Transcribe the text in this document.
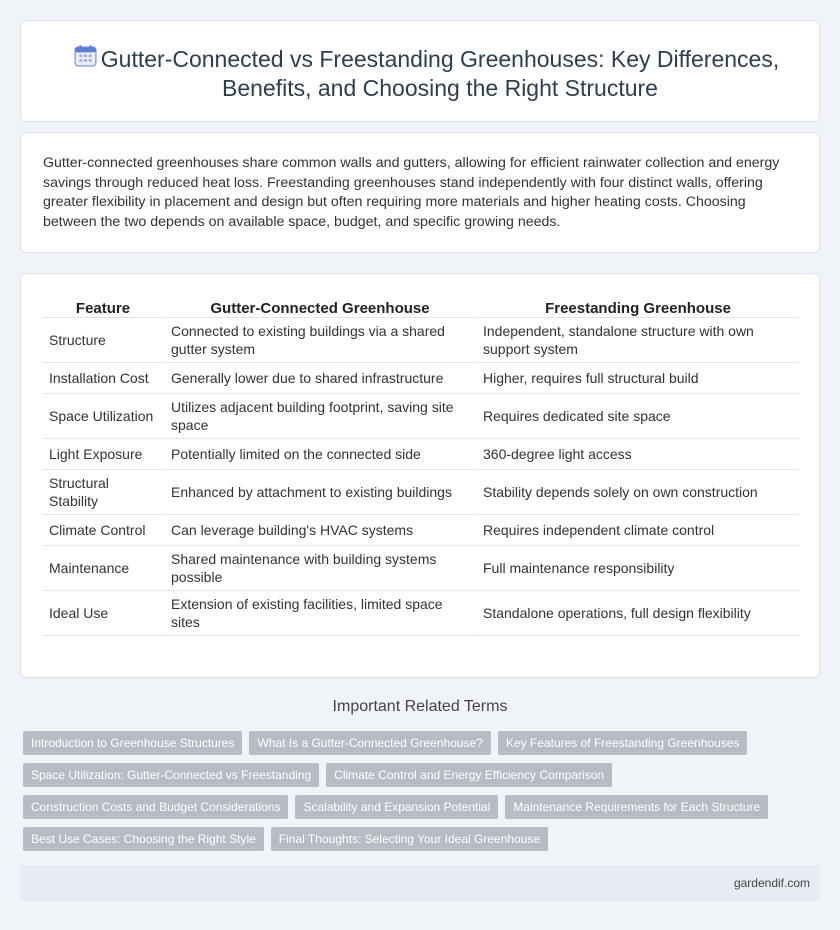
Gutter-Connected vs Freestanding Greenhouses: Key Differences, Benefits, and Choosing the Right Structure

Gutter-connected greenhouses share common walls and gutters, allowing for efficient rainwater collection and energy savings through reduced heat loss. Freestanding greenhouses stand independently with four distinct walls, offering greater flexibility in placement and design but often requiring more materials and higher heating costs. Choosing between the two depends on available space, budget, and specific growing needs.

Feature	Gutter-Connected Greenhouse	Freestanding Greenhouse
Structure	Connected to existing buildings via a shared gutter system	Independent, standalone structure with own support system
Installation Cost	Generally lower due to shared infrastructure	Higher, requires full structural build
Space Utilization	Utilizes adjacent building footprint, saving site space	Requires dedicated site space
Light Exposure	Potentially limited on the connected side	360-degree light access
Structural Stability	Enhanced by attachment to existing buildings	Stability depends solely on own construction
Climate Control	Can leverage building's HVAC systems	Requires independent climate control
Maintenance	Shared maintenance with building systems possible	Full maintenance responsibility
Ideal Use	Extension of existing facilities, limited space sites	Standalone operations, full design flexibility
Important Related Terms
Introduction to Greenhouse Structures	What Is a Gutter-Connected Greenhouse?	Key Features of Freestanding Greenhouses
Space Utilization: Gutter-Connected vs Freestanding	Climate Control and Energy Efficiency Comparison
Construction Costs and Budget Considerations	Scalability and Expansion Potential	Maintenance Requirements for Each Structure
Best Use Cases: Choosing the Right Style	Final Thoughts: Selecting Your Ideal Greenhouse
gardendif.com
